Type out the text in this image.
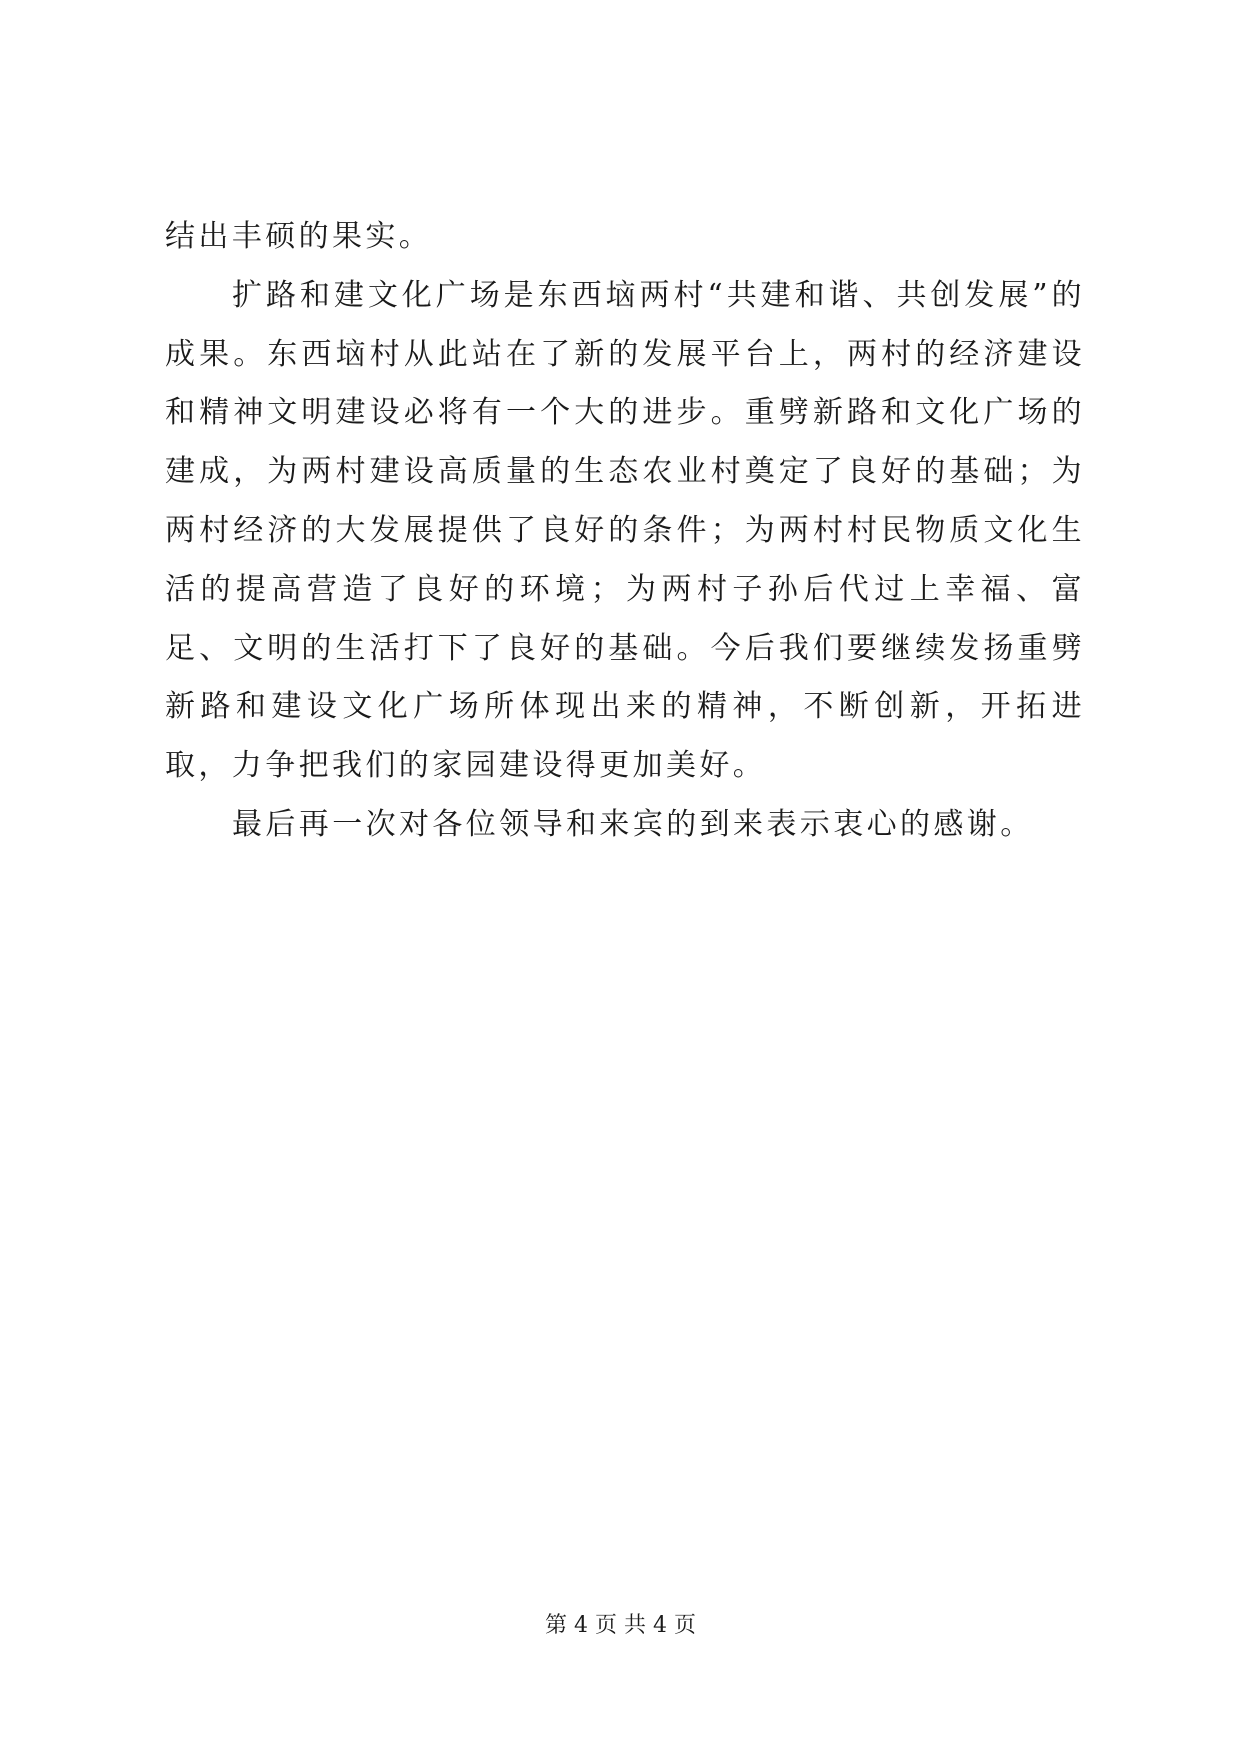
结出丰硕的果实。

扩路和建文化广场是东西垴两村“共建和谐、共创发展”的成果。东西垴村从此站在了新的发展平台上，两村的经济建设和精神文明建设必将有一个大的进步。重劈新路和文化广场的建成，为两村建设高质量的生态农业村奠定了良好的基础；为两村经济的大发展提供了良好的条件；为两村村民物质文化生活的提高营造了良好的环境；为两村子孙后代过上幸福、富足、文明的生活打下了良好的基础。今后我们要继续发扬重劈新路和建设文化广场所体现出来的精神，不断创新，开拓进取，力争把我们的家园建设得更加美好。

最后再一次对各位领导和来宾的到来表示衷心的感谢。

第 4 页 共 4 页
